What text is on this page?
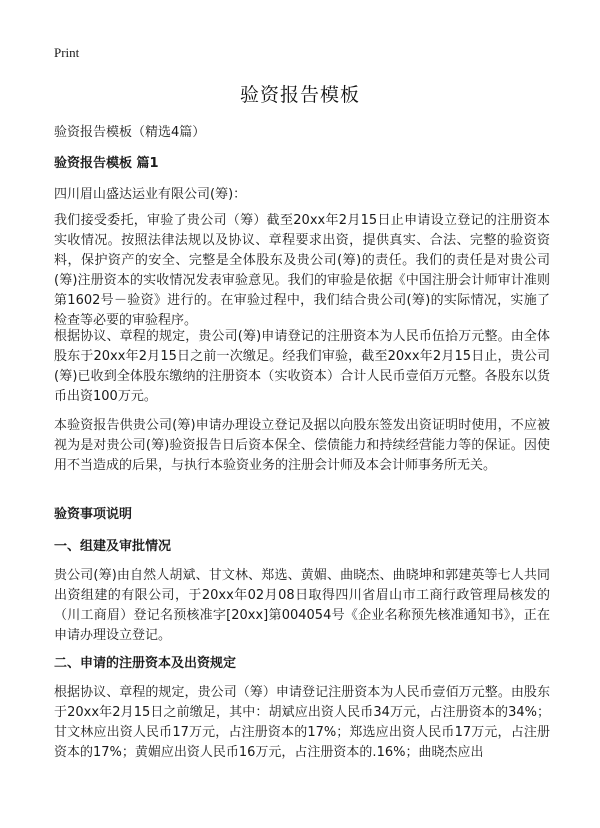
Print
验资报告模板
验资报告模板（精选4篇）
验资报告模板 篇1
四川眉山盛达运业有限公司(筹)：
我们接受委托，审验了贵公司（筹）截至20xx年2月15日止申请设立登记的注册资本实收情况。按照法律法规以及协议、章程要求出资，提供真实、合法、完整的验资资料，保护资产的安全、完整是全体股东及贵公司(筹)的责任。我们的责任是对贵公司(筹)注册资本的实收情况发表审验意见。我们的审验是依据《中国注册会计师审计准则第1602号－验资》进行的。在审验过程中，我们结合贵公司(筹)的实际情况，实施了检查等必要的审验程序。
根据协议、章程的规定，贵公司(筹)申请登记的注册资本为人民币伍拾万元整。由全体股东于20xx年2月15日之前一次缴足。经我们审验，截至20xx年2月15日止，贵公司(筹)已收到全体股东缴纳的注册资本（实收资本）合计人民币壹佰万元整。各股东以货币出资100万元。
本验资报告供贵公司(筹)申请办理设立登记及据以向股东签发出资证明时使用，不应被视为是对贵公司(筹)验资报告日后资本保全、偿债能力和持续经营能力等的保证。因使用不当造成的后果，与执行本验资业务的注册会计师及本会计师事务所无关。
验资事项说明
一、组建及审批情况
贵公司(筹)由自然人胡斌、甘文林、郑选、黄媚、曲晓杰、曲晓坤和郭建英等七人共同出资组建的有限公司，于20xx年02月08日取得四川省眉山市工商行政管理局核发的（川工商眉）登记名预核准字[20xx]第004054号《企业名称预先核准通知书》，正在申请办理设立登记。
二、申请的注册资本及出资规定
根据协议、章程的规定，贵公司（筹）申请登记注册资本为人民币壹佰万元整。由股东于20xx年2月15日之前缴足，其中：胡斌应出资人民币34万元，占注册资本的34%；甘文林应出资人民币17万元，占注册资本的17%；郑选应出资人民币17万元，占注册资本的17%；黄媚应出资人民币16万元，占注册资本的.16%；曲晓杰应出
